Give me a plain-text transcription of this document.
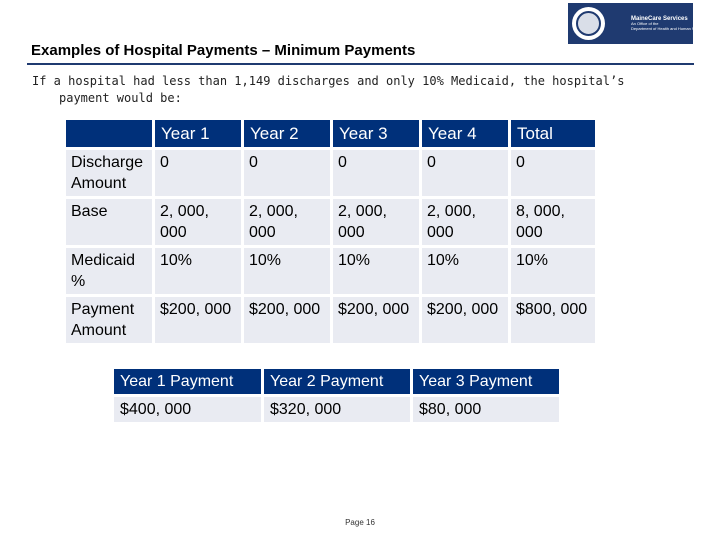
Examples of Hospital Payments – Minimum Payments
MaineCare Services
An Office of the
Department of Health and Human Services
If a hospital had less than 1,149 discharges and only 10% Medicaid, the hospital’s
payment would be:
	Year 1	Year 2	Year 3	Year 4	Total
Discharge Amount	0	0	0	0	0
Base	2, 000, 000	2, 000, 000	2, 000, 000	2, 000, 000	8, 000, 000
Medicaid %	10%	10%	10%	10%	10%
Payment Amount	$200, 000	$200, 000	$200, 000	$200, 000	$800, 000
Year 1 Payment	Year 2 Payment	Year 3 Payment
$400, 000	$320, 000	$80, 000
Page 16
